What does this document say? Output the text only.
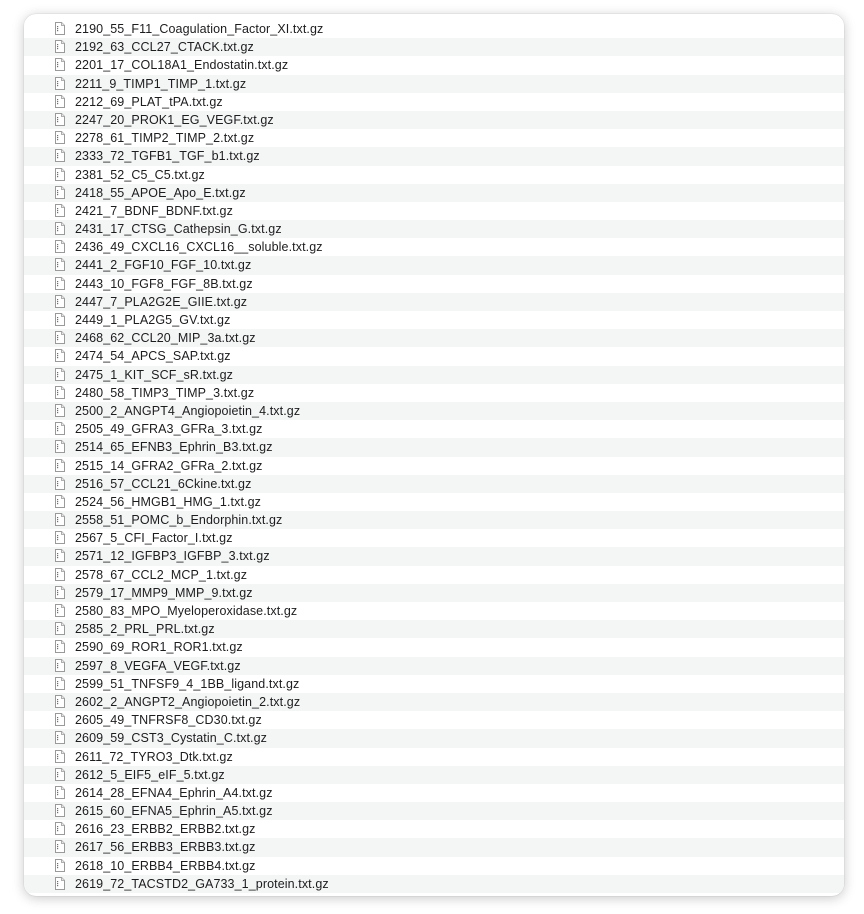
2190_55_F11_Coagulation_Factor_XI.txt.gz
2192_63_CCL27_CTACK.txt.gz
2201_17_COL18A1_Endostatin.txt.gz
2211_9_TIMP1_TIMP_1.txt.gz
2212_69_PLAT_tPA.txt.gz
2247_20_PROK1_EG_VEGF.txt.gz
2278_61_TIMP2_TIMP_2.txt.gz
2333_72_TGFB1_TGF_b1.txt.gz
2381_52_C5_C5.txt.gz
2418_55_APOE_Apo_E.txt.gz
2421_7_BDNF_BDNF.txt.gz
2431_17_CTSG_Cathepsin_G.txt.gz
2436_49_CXCL16_CXCL16__soluble.txt.gz
2441_2_FGF10_FGF_10.txt.gz
2443_10_FGF8_FGF_8B.txt.gz
2447_7_PLA2G2E_GIIE.txt.gz
2449_1_PLA2G5_GV.txt.gz
2468_62_CCL20_MIP_3a.txt.gz
2474_54_APCS_SAP.txt.gz
2475_1_KIT_SCF_sR.txt.gz
2480_58_TIMP3_TIMP_3.txt.gz
2500_2_ANGPT4_Angiopoietin_4.txt.gz
2505_49_GFRA3_GFRa_3.txt.gz
2514_65_EFNB3_Ephrin_B3.txt.gz
2515_14_GFRA2_GFRa_2.txt.gz
2516_57_CCL21_6Ckine.txt.gz
2524_56_HMGB1_HMG_1.txt.gz
2558_51_POMC_b_Endorphin.txt.gz
2567_5_CFI_Factor_I.txt.gz
2571_12_IGFBP3_IGFBP_3.txt.gz
2578_67_CCL2_MCP_1.txt.gz
2579_17_MMP9_MMP_9.txt.gz
2580_83_MPO_Myeloperoxidase.txt.gz
2585_2_PRL_PRL.txt.gz
2590_69_ROR1_ROR1.txt.gz
2597_8_VEGFA_VEGF.txt.gz
2599_51_TNFSF9_4_1BB_ligand.txt.gz
2602_2_ANGPT2_Angiopoietin_2.txt.gz
2605_49_TNFRSF8_CD30.txt.gz
2609_59_CST3_Cystatin_C.txt.gz
2611_72_TYRO3_Dtk.txt.gz
2612_5_EIF5_eIF_5.txt.gz
2614_28_EFNA4_Ephrin_A4.txt.gz
2615_60_EFNA5_Ephrin_A5.txt.gz
2616_23_ERBB2_ERBB2.txt.gz
2617_56_ERBB3_ERBB3.txt.gz
2618_10_ERBB4_ERBB4.txt.gz
2619_72_TACSTD2_GA733_1_protein.txt.gz
